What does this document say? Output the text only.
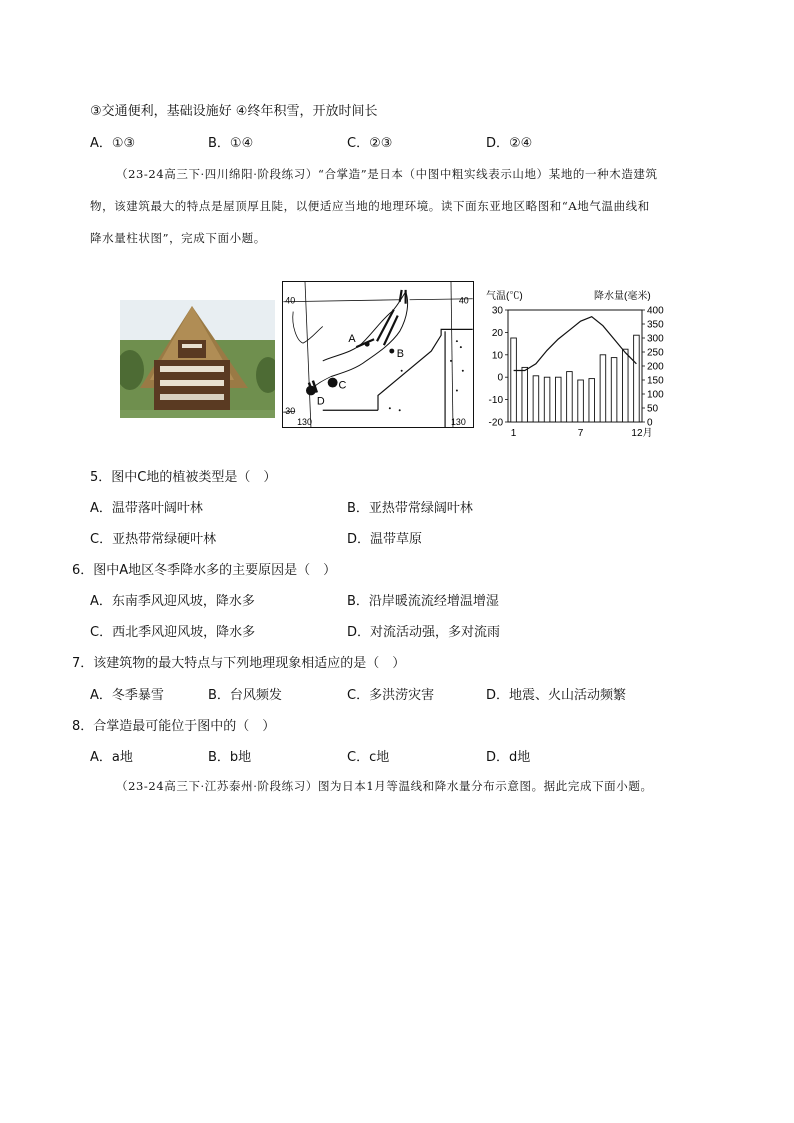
③交通便利，基础设施好 ④终年积雪，开放时间长
A．①③	B．①④	C．②③	D．②④
（23-24高三下·四川绵阳·阶段练习）“合掌造”是日本（中图中粗实线表示山地）某地的一种木造建筑
物，该建筑最大的特点是屋顶厚且陡，以便适应当地的地理环境。读下面东亚地区略图和“A地气温曲线和
降水量柱状图”，完成下面小题。
A
B
C
D
40	40
30
130	130
气温(℃)	降水量(毫米)
30
20
10
0
-10
-20
400
350
300
250
200
150
100
50
0
1	7	12月
5．图中C地的植被类型是（　）
A．温带落叶阔叶林	B．亚热带常绿阔叶林
C．亚热带常绿硬叶林	D．温带草原
6．图中A地区冬季降水多的主要原因是（　）
A．东南季风迎风坡，降水多	B．沿岸暖流流经增温增湿
C．西北季风迎风坡，降水多	D．对流活动强，多对流雨
7．该建筑物的最大特点与下列地理现象相适应的是（　）
A．冬季暴雪	B．台风频发	C．多洪涝灾害	D．地震、火山活动频繁
8．合掌造最可能位于图中的（　）
A．a地	B．b地	C．c地	D．d地
（23-24高三下·江苏泰州·阶段练习）图为日本1月等温线和降水量分布示意图。据此完成下面小题。
